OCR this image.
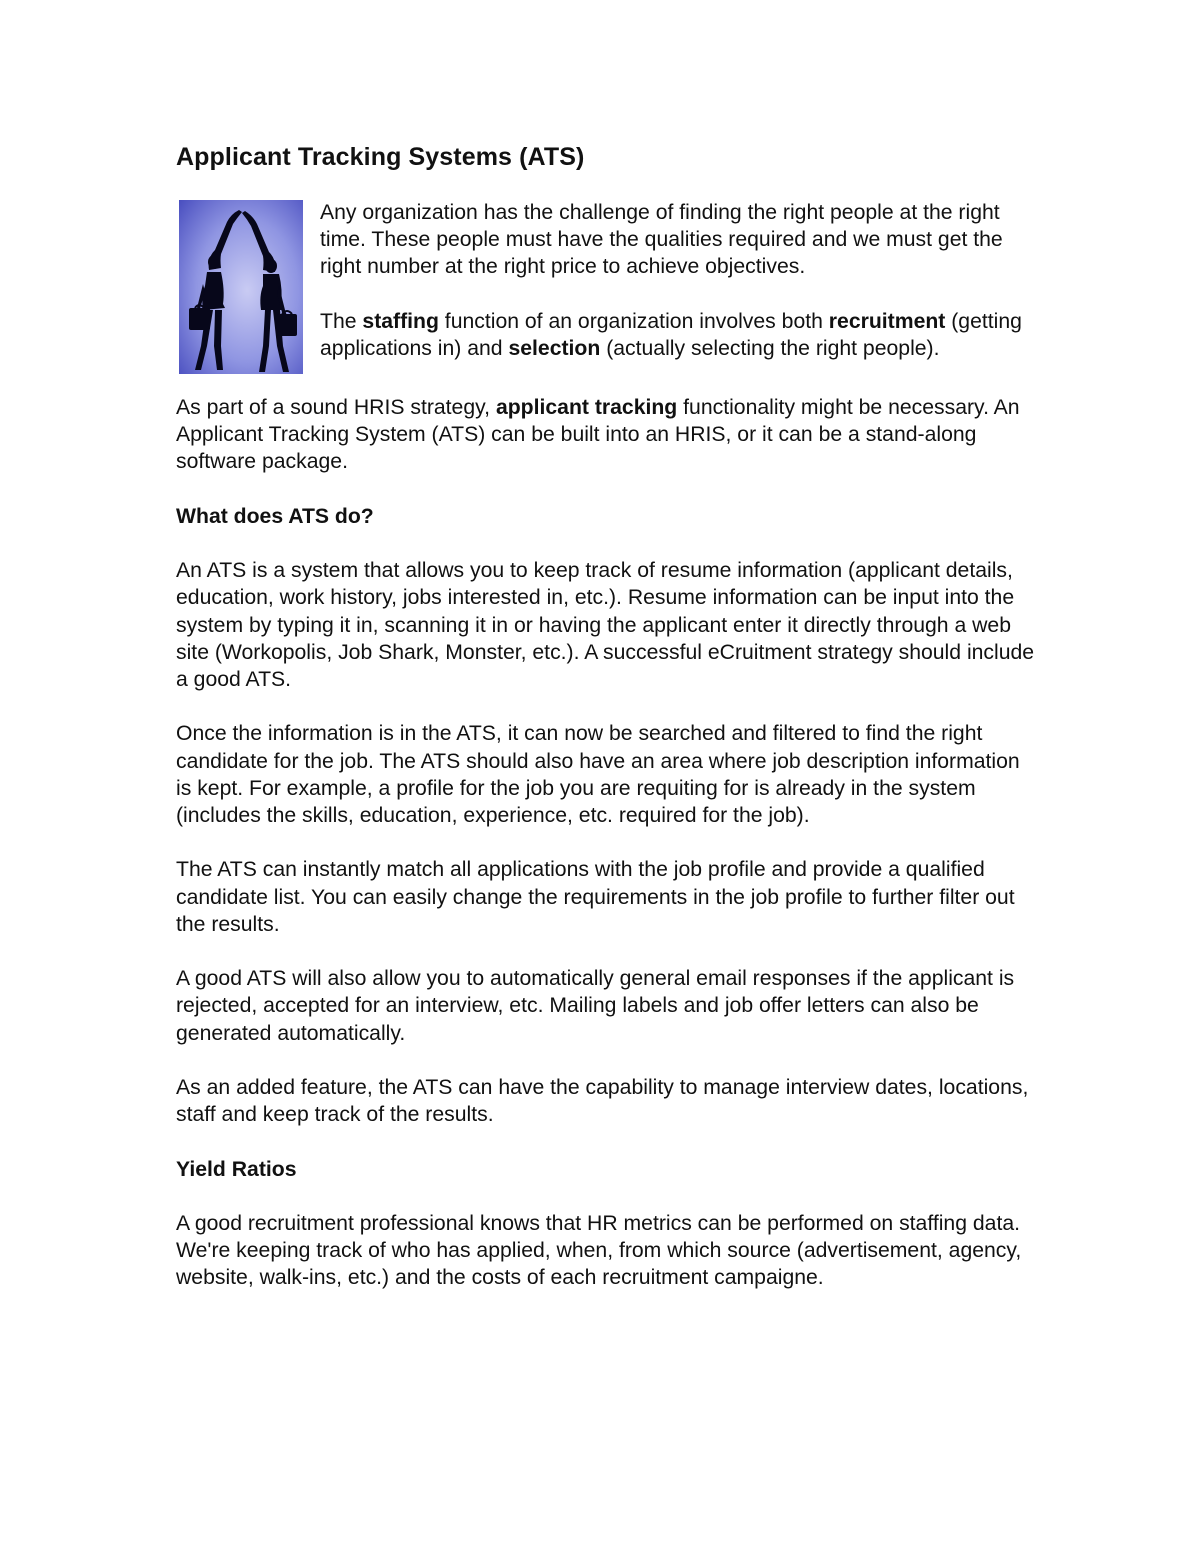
Applicant Tracking Systems (ATS)

Any organization has the challenge of finding the right people at the right time. These people must have the qualities required and we must get the right number at the right price to achieve objectives.

The staffing function of an organization involves both recruitment (getting applications in) and selection (actually selecting the right people).

As part of a sound HRIS strategy, applicant tracking functionality might be necessary. An Applicant Tracking System (ATS) can be built into an HRIS, or it can be a stand-along software package.

What does ATS do?

An ATS is a system that allows you to keep track of resume information (applicant details, education, work history, jobs interested in, etc.). Resume information can be input into the system by typing it in, scanning it in or having the applicant enter it directly through a web site (Workopolis, Job Shark, Monster, etc.). A successful eCruitment strategy should include a good ATS.

Once the information is in the ATS, it can now be searched and filtered to find the right candidate for the job. The ATS should also have an area where job description information is kept. For example, a profile for the job you are requiting for is already in the system (includes the skills, education, experience, etc. required for the job).

The ATS can instantly match all applications with the job profile and provide a qualified candidate list. You can easily change the requirements in the job profile to further filter out the results.

A good ATS will also allow you to automatically general email responses if the applicant is rejected, accepted for an interview, etc. Mailing labels and job offer letters can also be generated automatically.

As an added feature, the ATS can have the capability to manage interview dates, locations, staff and keep track of the results.

Yield Ratios

A good recruitment professional knows that HR metrics can be performed on staffing data. We're keeping track of who has applied, when, from which source (advertisement, agency, website, walk-ins, etc.) and the costs of each recruitment campaigne.
